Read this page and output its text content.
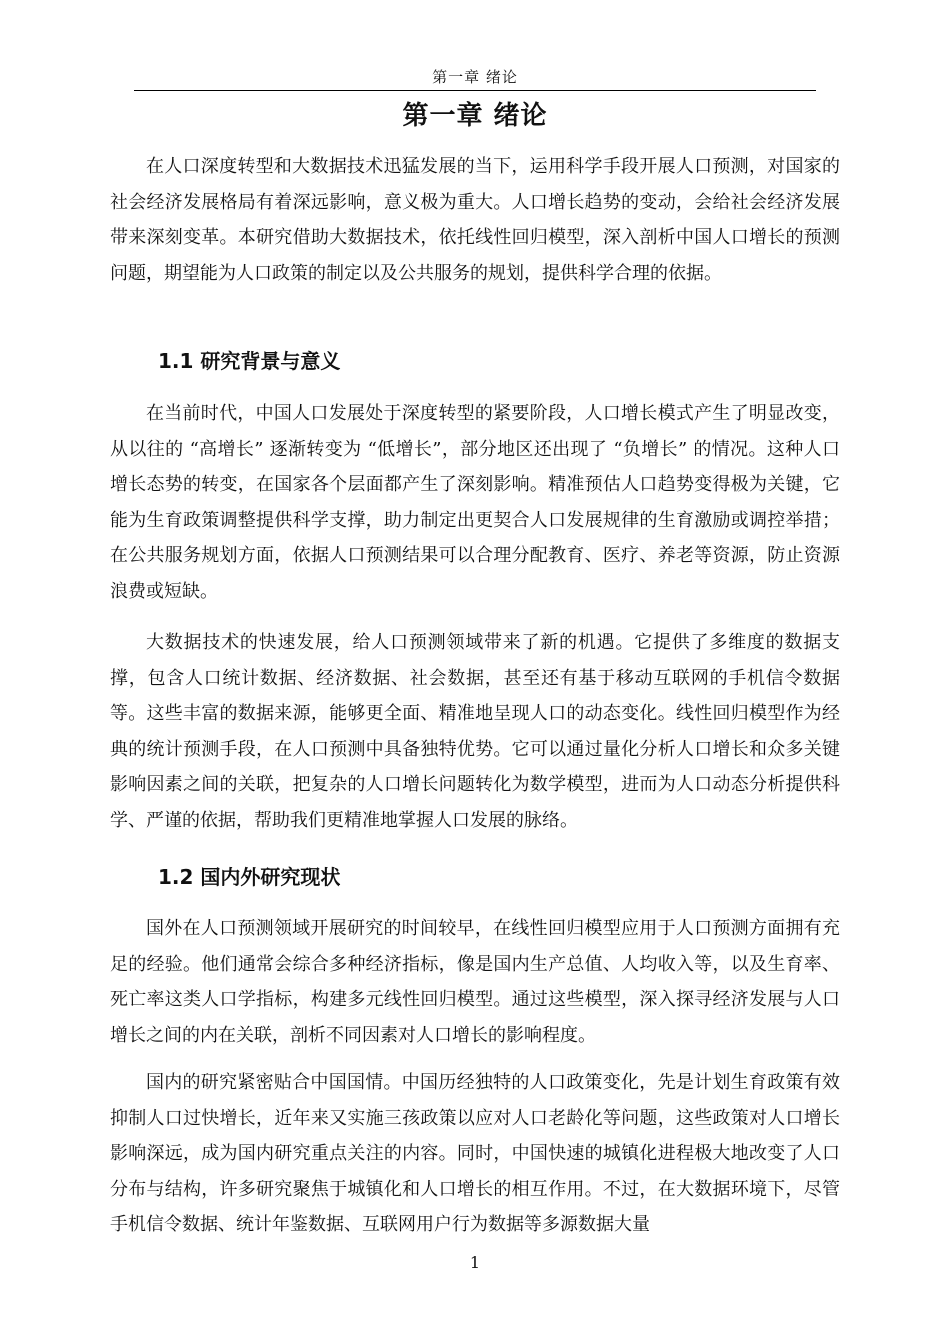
第一章 绪论
第一章 绪论

在人口深度转型和大数据技术迅猛发展的当下，运用科学手段开展人口预测，对国家的社会经济发展格局有着深远影响，意义极为重大。人口增长趋势的变动，会给社会经济发展带来深刻变革。本研究借助大数据技术，依托线性回归模型，深入剖析中国人口增长的预测问题，期望能为人口政策的制定以及公共服务的规划，提供科学合理的依据。

1.1 研究背景与意义

在当前时代，中国人口发展处于深度转型的紧要阶段，人口增长模式产生了明显改变，从以往的 “高增长” 逐渐转变为 “低增长”，部分地区还出现了 “负增长” 的情况。这种人口增长态势的转变，在国家各个层面都产生了深刻影响。精准预估人口趋势变得极为关键，它能为生育政策调整提供科学支撑，助力制定出更契合人口发展规律的生育激励或调控举措；在公共服务规划方面，依据人口预测结果可以合理分配教育、医疗、养老等资源，防止资源浪费或短缺。

大数据技术的快速发展，给人口预测领域带来了新的机遇。它提供了多维度的数据支撑，包含人口统计数据、经济数据、社会数据，甚至还有基于移动互联网的手机信令数据等。这些丰富的数据来源，能够更全面、精准地呈现人口的动态变化。线性回归模型作为经典的统计预测手段，在人口预测中具备独特优势。它可以通过量化分析人口增长和众多关键影响因素之间的关联，把复杂的人口增长问题转化为数学模型，进而为人口动态分析提供科学、严谨的依据，帮助我们更精准地掌握人口发展的脉络。

1.2 国内外研究现状

国外在人口预测领域开展研究的时间较早，在线性回归模型应用于人口预测方面拥有充足的经验。他们通常会综合多种经济指标，像是国内生产总值、人均收入等，以及生育率、死亡率这类人口学指标，构建多元线性回归模型。通过这些模型，深入探寻经济发展与人口增长之间的内在关联，剖析不同因素对人口增长的影响程度。

国内的研究紧密贴合中国国情。中国历经独特的人口政策变化，先是计划生育政策有效抑制人口过快增长，近年来又实施三孩政策以应对人口老龄化等问题，这些政策对人口增长影响深远，成为国内研究重点关注的内容。同时，中国快速的城镇化进程极大地改变了人口分布与结构，许多研究聚焦于城镇化和人口增长的相互作用。不过，在大数据环境下，尽管手机信令数据、统计年鉴数据、互联网用户行为数据等多源数据大量

1
